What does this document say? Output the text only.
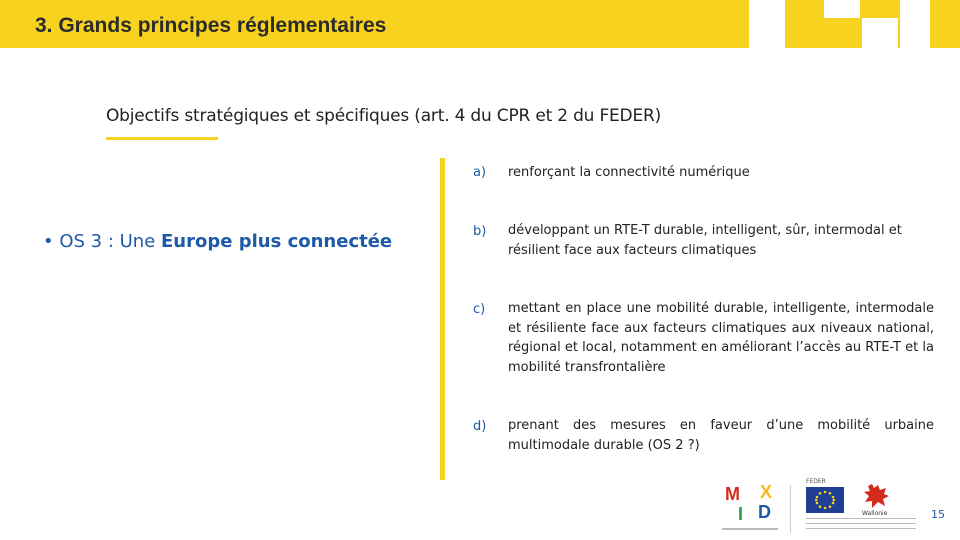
3. Grands principes réglementaires
Objectifs stratégiques et spécifiques (art. 4 du CPR et 2 du FEDER)
• OS 3 : Une Europe plus connectée
a) renforçant la connectivité numérique
b) développant un RTE-T durable, intelligent, sûr, intermodal et résilient face aux facteurs climatiques
c) mettant en place une mobilité durable, intelligente, intermodale et résiliente face aux facteurs climatiques aux niveaux national, régional et local, notamment en améliorant l’accès au RTE-T et la mobilité transfrontalière
d) prenant des mesures en faveur d’une mobilité urbaine multimodale durable (OS 2 ?)
M X
I D
FEDER
Wallonie	15
